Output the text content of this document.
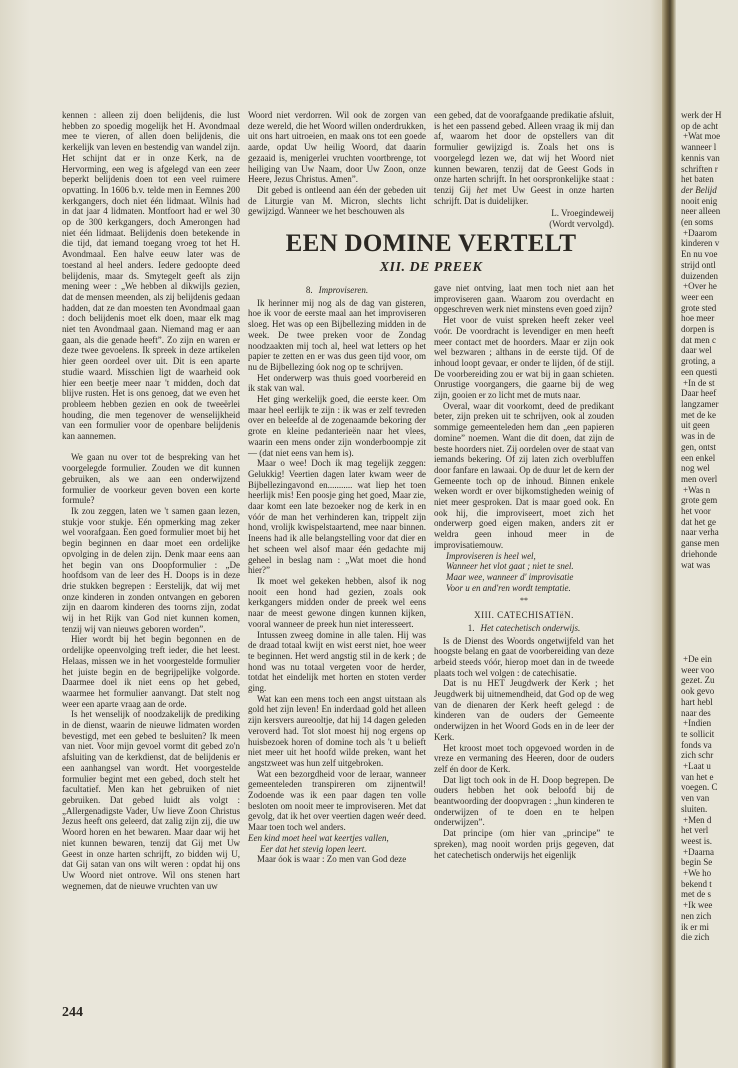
werk der H
op de acht
+Wat moe
wanneer l
kennis van
schriften r
het baten
der Belijd
nooit enig
neer alleen
(en soms
+Daarom
kinderen v
En nu voe
strijd ontl
duizenden
+Over he
weer een
grote sted
hoe meer
dorpen is
dat men c
daar wel
groting, a
een questi
+In de st
Daar heef
langzamer
met de ke
uit geen
was in de
gen, ontst
een enkel
nog wel
men overl
+Was n
grote gem
het voor
dat het ge
naar verha
ganse men
driehonde
wat was
+De ein
weer voo
gezet. Zu
ook gevo
hart hebl
naar des
+Indien
te sollicit
fonds va
zich schr
+Laat u
van het e
voegen. C
ven van
sluiten.
+Men d
het verl
weest is.
+Daarna
begin Se
+We ho
bekend t
met de s
+Ik wee
nen zich
ik er mi
die zich

kennen : alleen zij doen belijdenis, die lust hebben zo spoedig mogelijk het H. Avondmaal mee te vieren, of allen doen belijdenis, die kerkelijk van leven en bestendig van wandel zijn. Het schijnt dat er in onze Kerk, na de Hervorming, een weg is afgelegd van een zeer beperkt belijdenis doen tot een veel ruimere opvatting. In 1606 b.v. telde men in Eemnes 200 kerkgangers, doch niet één lidmaat. Wilnis had in dat jaar 4 lidmaten. Montfoort had er wel 30 op de 300 kerkgangers, doch Amerongen had niet één lidmaat. Belijdenis doen betekende in die tijd, dat iemand toegang vroeg tot het H. Avondmaal. Een halve eeuw later was de toestand al heel anders. Iedere gedoopte deed belijdenis, maar ds. Smytegelt geeft als zijn mening weer : „We hebben al dikwijls gezien, dat de mensen meenden, als zij belijdenis gedaan hadden, dat ze dan moesten ten Avondmaal gaan : doch belijdenis moet elk doen, maar elk mag niet ten Avondmaal gaan. Niemand mag er aan gaan, als die genade heeft”. Zo zijn en waren er deze twee gevoelens. Ik spreek in deze artikelen hier geen oordeel over uit. Dit is een aparte studie waard. Misschien ligt de waarheid ook hier een beetje meer naar 't midden, doch dat blijve rusten. Het is ons genoeg, dat we even het probleem hebben gezien en ook de tweeërlei houding, die men tegenover de wenselijkheid van een formulier voor de openbare belijdenis kan aannemen.

We gaan nu over tot de bespreking van het voorgelegde formulier. Zouden we dit kunnen gebruiken, als we aan een onderwijzend formulier de voorkeur geven boven een korte formule?

Ik zou zeggen, laten we 't samen gaan lezen, stukje voor stukje. Eén opmerking mag zeker wel voorafgaan. Een goed formulier moet bij het begin beginnen en daar moet een ordelijke opvolging in de delen zijn. Denk maar eens aan het begin van ons Doopformulier : „De hoofdsom van de leer des H. Doops is in deze drie stukken begrepen : Eerstelijk, dat wij met onze kinderen in zonden ontvangen en geboren zijn en daarom kinderen des toorns zijn, zodat wij in het Rijk van God niet kunnen komen, tenzij wij van nieuws geboren worden”.

Hier wordt bij het begin begonnen en de ordelijke opeenvolging treft ieder, die het leest. Helaas, missen we in het voorgestelde formulier het juiste begin en de begrijpelijke volgorde. Daarmee doel ik niet eens op het gebed, waarmee het formulier aanvangt. Dat stelt nog weer een aparte vraag aan de orde.

Is het wenselijk of noodzakelijk de prediking in de dienst, waarin de nieuwe lidmaten worden bevestigd, met een gebed te besluiten? Ik meen van niet. Voor mijn gevoel vormt dit gebed zo'n afsluiting van de kerkdienst, dat de belijdenis er een aanhangsel van wordt. Het voorgestelde formulier begint met een gebed, doch stelt het facultatief. Men kan het gebruiken of niet gebruiken. Dat gebed luidt als volgt : „Allergenadigste Vader, Uw lieve Zoon Christus Jezus heeft ons geleerd, dat zalig zijn zij, die uw Woord horen en het bewaren. Maar daar wij het niet kunnen bewaren, tenzij dat Gij met Uw Geest in onze harten schrijft, zo bidden wij U, dat Gij satan van ons wilt weren : opdat hij ons Uw Woord niet ontrove. Wil ons stenen hart wegnemen, dat de nieuwe vruchten van uw

Woord niet verdorren. Wil ook de zorgen van deze wereld, die het Woord willen onderdrukken, uit ons hart uitroeien, en maak ons tot een goede aarde, opdat Uw heilig Woord, dat daarin gezaaid is, menigerlei vruchten voortbrenge, tot heiliging van Uw Naam, door Uw Zoon, onze Heere, Jezus Christus. Amen”.

Dit gebed is ontleend aan één der gebeden uit de Liturgie van M. Micron, slechts licht gewijzigd. Wanneer we het beschouwen als

een gebed, dat de voorafgaande predikatie afsluit, is het een passend gebed. Alleen vraag ik mij dan af, waarom het door de opstellers van dit formulier gewijzigd is. Zoals het ons is voorgelegd lezen we, dat wij het Woord niet kunnen bewaren, tenzij dat de Geest Gods in onze harten schrijft. In het oorspronkelijke staat : tenzij Gij het met Uw Geest in onze harten schrijft. Dat is duidelijker.

L. Vroegindeweij

(Wordt vervolgd).

EEN DOMINE VERTELT
XII. DE PREEK

8. Improviseren.

Ik herinner mij nog als de dag van gisteren, hoe ik voor de eerste maal aan het improviseren sloeg. Het was op een Bijbellezing midden in de week. De twee preken voor de Zondag noodzaakten mij toch al, heel wat letters op het papier te zetten en er was dus geen tijd voor, om nu de Bijbellezing óok nog op te schrijven.

Het onderwerp was thuis goed voorbereid en ik stak van wal.

Het ging werkelijk goed, die eerste keer. Om maar heel eerlijk te zijn : ik was er zelf tevreden over en beleefde al de zogenaamde bekoring der grote en kleine pedanterieën naar het vlees, waarin een mens onder zijn wonderboompje zit — (dat niet eens van hem is).

Maar o wee! Doch ik mag tegelijk zeggen: Gelukkig! Veertien dagen later kwam weer de Bijbellezingavond en........... wat liep het toen heerlijk mis! Een poosje ging het goed, Maar zie, daar komt een late bezoeker nog de kerk in en vóór de man het verhinderen kan, trippelt zijn hond, vrolijk kwispelstaartend, mee naar binnen. Ineens had ik alle belangstelling voor dat dier en het scheen wel alsof maar één gedachte mij geheel in beslag nam : „Wat moet die hond hier?”

Ik moet wel gekeken hebben, alsof ik nog nooit een hond had gezien, zoals ook kerkgangers midden onder de preek wel eens naar de meest gewone dingen kunnen kijken, vooral wanneer de preek hun niet interesseert.

Intussen zweeg domine in alle talen. Hij was de draad totaal kwijt en wist eerst niet, hoe weer te beginnen. Het werd angstig stil in de kerk ; de hond was nu totaal vergeten voor de herder, totdat het eindelijk met horten en stoten verder ging.

Wat kan een mens toch een angst uitstaan als gold het zijn leven! En inderdaad gold het alleen zijn kersvers aureooltje, dat hij 14 dagen geleden veroverd had. Tot slot moest hij nog ergens op huisbezoek horen of domine toch als 't u belieft niet meer uit het hoofd wilde preken, want het angstzweet was hun zelf uitgebroken.

Wat een bezorgdheid voor de leraar, wanneer gemeenteleden transpireren om zijnentwil! Zodoende was ik een paar dagen ten volle besloten om nooit meer te improviseren. Met dat gevolg, dat ik het over veertien dagen weér deed. Maar toen toch wel anders.

Een kind moet heel wat keertjes vallen,

Eer dat het stevig lopen leert.

Maar óok is waar : Zo men van God deze

gave niet ontving, laat men toch niet aan het improviseren gaan. Waarom zou overdacht en opgeschreven werk niet minstens even goed zijn?

Het voor de vuist spreken heeft zeker veel voór. De voordracht is levendiger en men heeft meer contact met de hoorders. Maar er zijn ook wel bezwaren ; althans in de eerste tijd. Of de inhoud loopt gevaar, er onder te lijden, óf de stijl. De voorbereiding zou er wat bij in gaan schieten. Onrustige voorgangers, die gaarne bij de weg zijn, gooien er zo licht met de muts naar.

Overal, waar dit voorkomt, deed de predikant beter, zijn preken uit te schrijven, ook al zouden sommige gemeenteleden hem dan „een papieren domine” noemen. Want die dit doen, dat zijn de beste hoorders niet. Zij oordelen over de staat van iemands bekering. Of zij laten zich overbluffen door fanfare en lawaai. Op de duur let de kern der Gemeente toch op de inhoud. Binnen enkele weken wordt er over bijkomstigheden weinig of niet meer gesproken. Dat is maar goed ook. En ook hij, die improviseert, moet zich het onderwerp goed eigen maken, anders zit er weldra geen inhoud meer in de improvisatiemouw.

Improviseren is heel wel,

Wanneer het vlot gaat ; niet te snel.

Maar wee, wanneer d' improvisatie

Voor u en and'ren wordt temptatie.

**

XIII. CATECHISATIëN.

1. Het catechetisch onderwijs.

Is de Dienst des Woords ongetwijfeld van het hoogste belang en gaat de voorbereiding van deze arbeid steeds vóór, hierop moet dan in de tweede plaats toch wel volgen : de catechisatie.

Dat is nu HET Jeugdwerk der Kerk ; het Jeugdwerk bij uitnemendheid, dat God op de weg van de dienaren der Kerk heeft gelegd : de kinderen van de ouders der Gemeente onderwijzen in het Woord Gods en in de leer der Kerk.

Het kroost moet toch opgevoed worden in de vreze en vermaning des Heeren, door de ouders zelf én door de Kerk.

Dat ligt toch ook in de H. Doop begrepen. De ouders hebben het ook beloofd bij de beantwoording der doopvragen : „hun kinderen te onderwijzen of te doen en te helpen onderwijzen”.

Dat principe (om hier van „principe” te spreken), mag nooit worden prijs gegeven, dat het catechetisch onderwijs het eigenlijk

244
